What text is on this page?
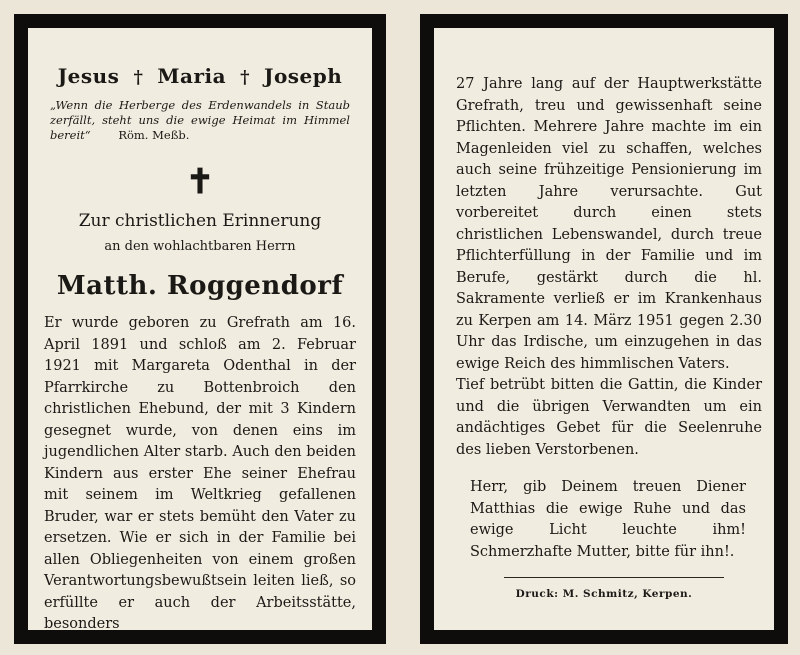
Jesus † Maria † Joseph

„Wenn die Herberge des Erdenwandels in Staub zerfällt, steht uns die ewige Heimat im Himmel bereit“ Röm. Meßb.

✝

Zur christlichen Erinnerung

an den wohlachtbaren Herrn

Matth. Roggendorf

Er wurde geboren zu Grefrath am 16. April 1891 und schloß am 2. Februar 1921 mit Margareta Odenthal in der Pfarrkirche zu Bottenbroich den christlichen Ehebund, der mit 3 Kindern gesegnet wurde, von denen eins im jugendlichen Alter starb. Auch den beiden Kindern aus erster Ehe seiner Ehefrau mit seinem im Weltkrieg gefallenen Bruder, war er stets bemüht den Vater zu ersetzen. Wie er sich in der Familie bei allen Obliegenheiten von einem großen Verantwortungsbewußtsein leiten ließ, so erfüllte er auch der Arbeitsstätte, besonders

27 Jahre lang auf der Hauptwerkstätte Grefrath, treu und gewissenhaft seine Pflichten. Mehrere Jahre machte im ein Magenleiden viel zu schaffen, welches auch seine frühzeitige Pensionierung im letzten Jahre verursachte. Gut vorbereitet durch einen stets christlichen Lebenswandel, durch treue Pflichterfüllung in der Familie und im Berufe, gestärkt durch die hl. Sakramente verließ er im Krankenhaus zu Kerpen am 14. März 1951 gegen 2.30 Uhr das Irdische, um einzugehen in das ewige Reich des himmlischen Vaters.

Tief betrübt bitten die Gattin, die Kinder und die übrigen Verwandten um ein andächtiges Gebet für die Seelenruhe des lieben Verstorbenen.

Herr, gib Deinem treuen Diener Matthias die ewige Ruhe und das ewige Licht leuchte ihm! Schmerzhafte Mutter, bitte für ihn!.

Druck: M. Schmitz, Kerpen.
